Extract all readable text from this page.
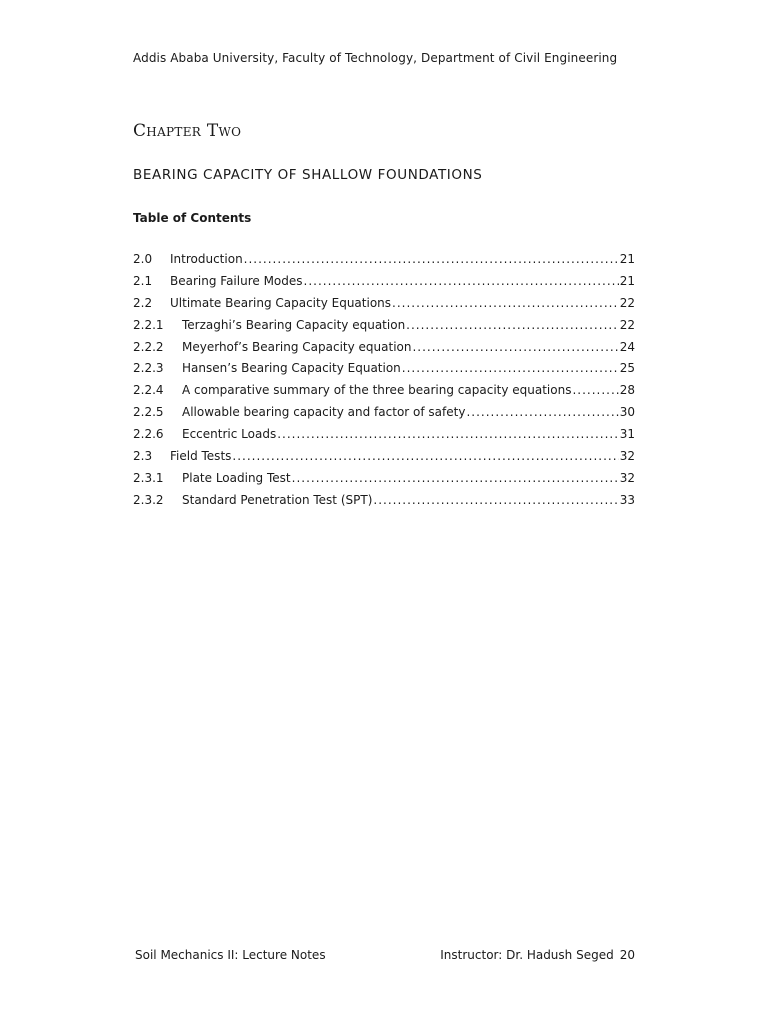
Addis Ababa University, Faculty of Technology, Department of Civil Engineering
Chapter Two
BEARING CAPACITY OF SHALLOW FOUNDATIONS
Table of Contents
2.0	Introduction .....	21
2.1	Bearing Failure Modes .....	21
2.2	Ultimate Bearing Capacity Equations .....	22
2.2.1	Terzaghi’s Bearing Capacity equation .....	22
2.2.2	Meyerhof’s Bearing Capacity equation .....	24
2.2.3	Hansen’s Bearing Capacity Equation .....	25
2.2.4	A comparative summary of the three bearing capacity equations .....	28
2.2.5	Allowable bearing capacity and factor of safety .....	30
2.2.6	Eccentric Loads .....	31
2.3	Field Tests .....	32
2.3.1	Plate Loading Test .....	32
2.3.2	Standard Penetration Test (SPT) .....	33
Soil Mechanics II: Lecture Notes	Instructor: Dr. Hadush Seged 20
